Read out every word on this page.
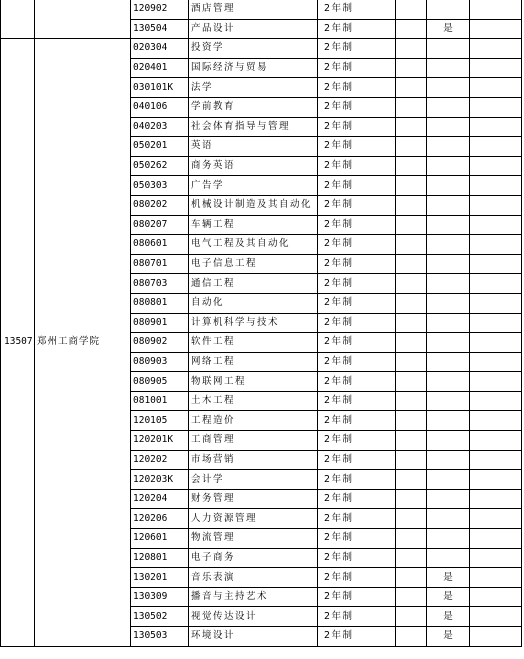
		120902	酒店管理	2年制			
		130504	产品设计	2年制		是	
13507	郑州工商学院	020304	投资学	2年制			
		020401	国际经济与贸易	2年制			
		030101K	法学	2年制			
		040106	学前教育	2年制			
		040203	社会体育指导与管理	2年制			
		050201	英语	2年制			
		050262	商务英语	2年制			
		050303	广告学	2年制			
		080202	机械设计制造及其自动化	2年制			
		080207	车辆工程	2年制			
		080601	电气工程及其自动化	2年制			
		080701	电子信息工程	2年制			
		080703	通信工程	2年制			
		080801	自动化	2年制			
		080901	计算机科学与技术	2年制			
		080902	软件工程	2年制			
		080903	网络工程	2年制			
		080905	物联网工程	2年制			
		081001	土木工程	2年制			
		120105	工程造价	2年制			
		120201K	工商管理	2年制			
		120202	市场营销	2年制			
		120203K	会计学	2年制			
		120204	财务管理	2年制			
		120206	人力资源管理	2年制			
		120601	物流管理	2年制			
		120801	电子商务	2年制			
		130201	音乐表演	2年制		是	
		130309	播音与主持艺术	2年制		是	
		130502	视觉传达设计	2年制		是	
		130503	环境设计	2年制		是	
